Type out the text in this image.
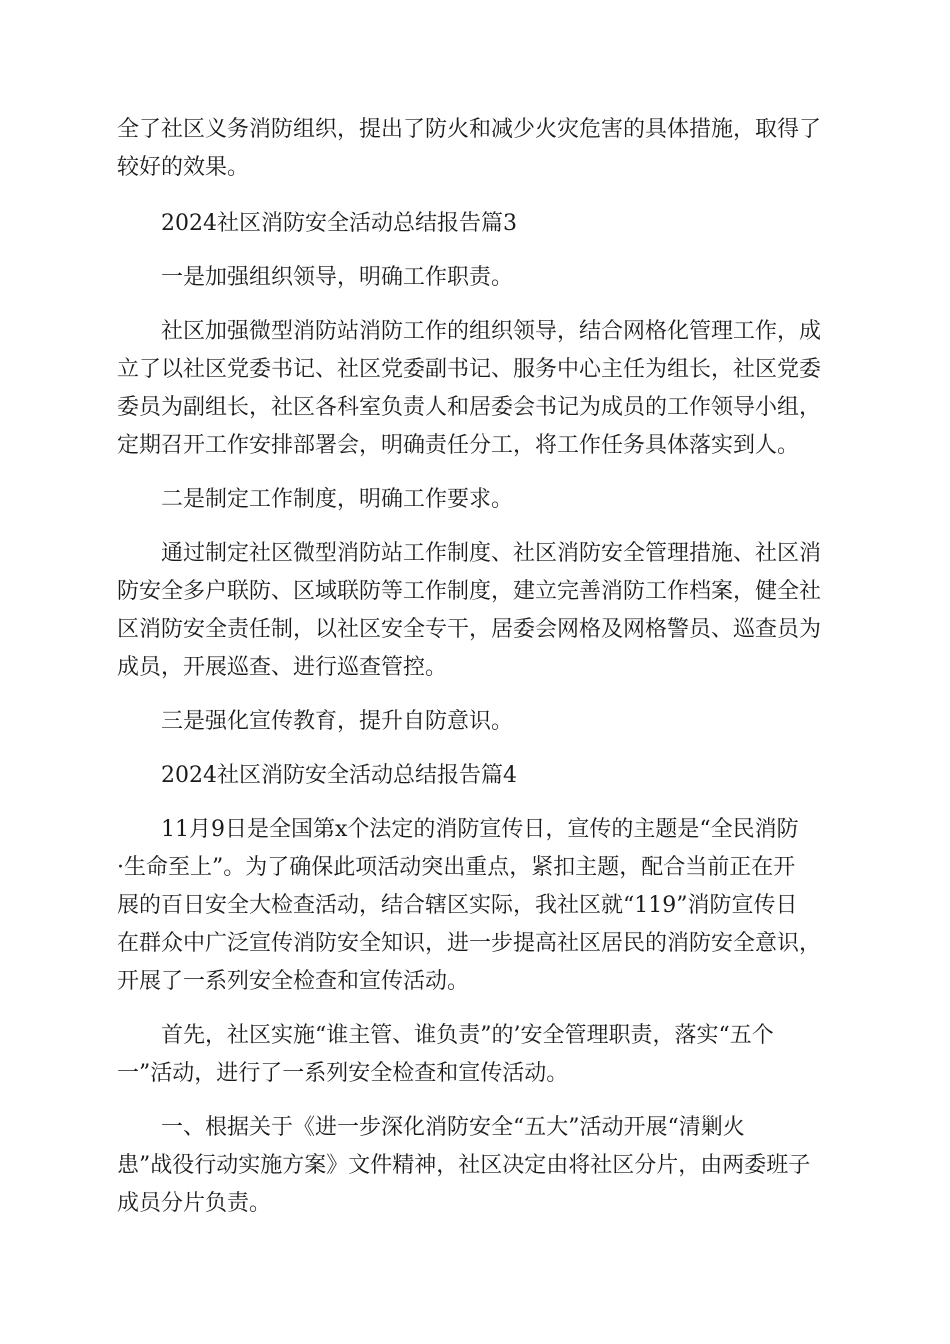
全了社区义务消防组织，提出了防火和减少火灾危害的具体措施，取得了
较好的效果。
2024社区消防安全活动总结报告篇3
一是加强组织领导，明确工作职责。
社区加强微型消防站消防工作的组织领导，结合网格化管理工作，成
立了以社区党委书记、社区党委副书记、服务中心主任为组长，社区党委
委员为副组长，社区各科室负责人和居委会书记为成员的工作领导小组，
定期召开工作安排部署会，明确责任分工，将工作任务具体落实到人。
二是制定工作制度，明确工作要求。
通过制定社区微型消防站工作制度、社区消防安全管理措施、社区消
防安全多户联防、区域联防等工作制度，建立完善消防工作档案，健全社
区消防安全责任制，以社区安全专干，居委会网格及网格警员、巡查员为
成员，开展巡查、进行巡查管控。
三是强化宣传教育，提升自防意识。
2024社区消防安全活动总结报告篇4
11月9日是全国第x个法定的消防宣传日，宣传的主题是“全民消防
·生命至上”。为了确保此项活动突出重点，紧扣主题，配合当前正在开
展的百日安全大检查活动，结合辖区实际，我社区就“119”消防宣传日
在群众中广泛宣传消防安全知识，进一步提高社区居民的消防安全意识，
开展了一系列安全检查和宣传活动。
首先，社区实施“谁主管、谁负责”的’安全管理职责，落实“五个
一”活动，进行了一系列安全检查和宣传活动。
一、根据关于《进一步深化消防安全“五大”活动开展“清剿火
患”战役行动实施方案》文件精神，社区决定由将社区分片，由两委班子
成员分片负责。
